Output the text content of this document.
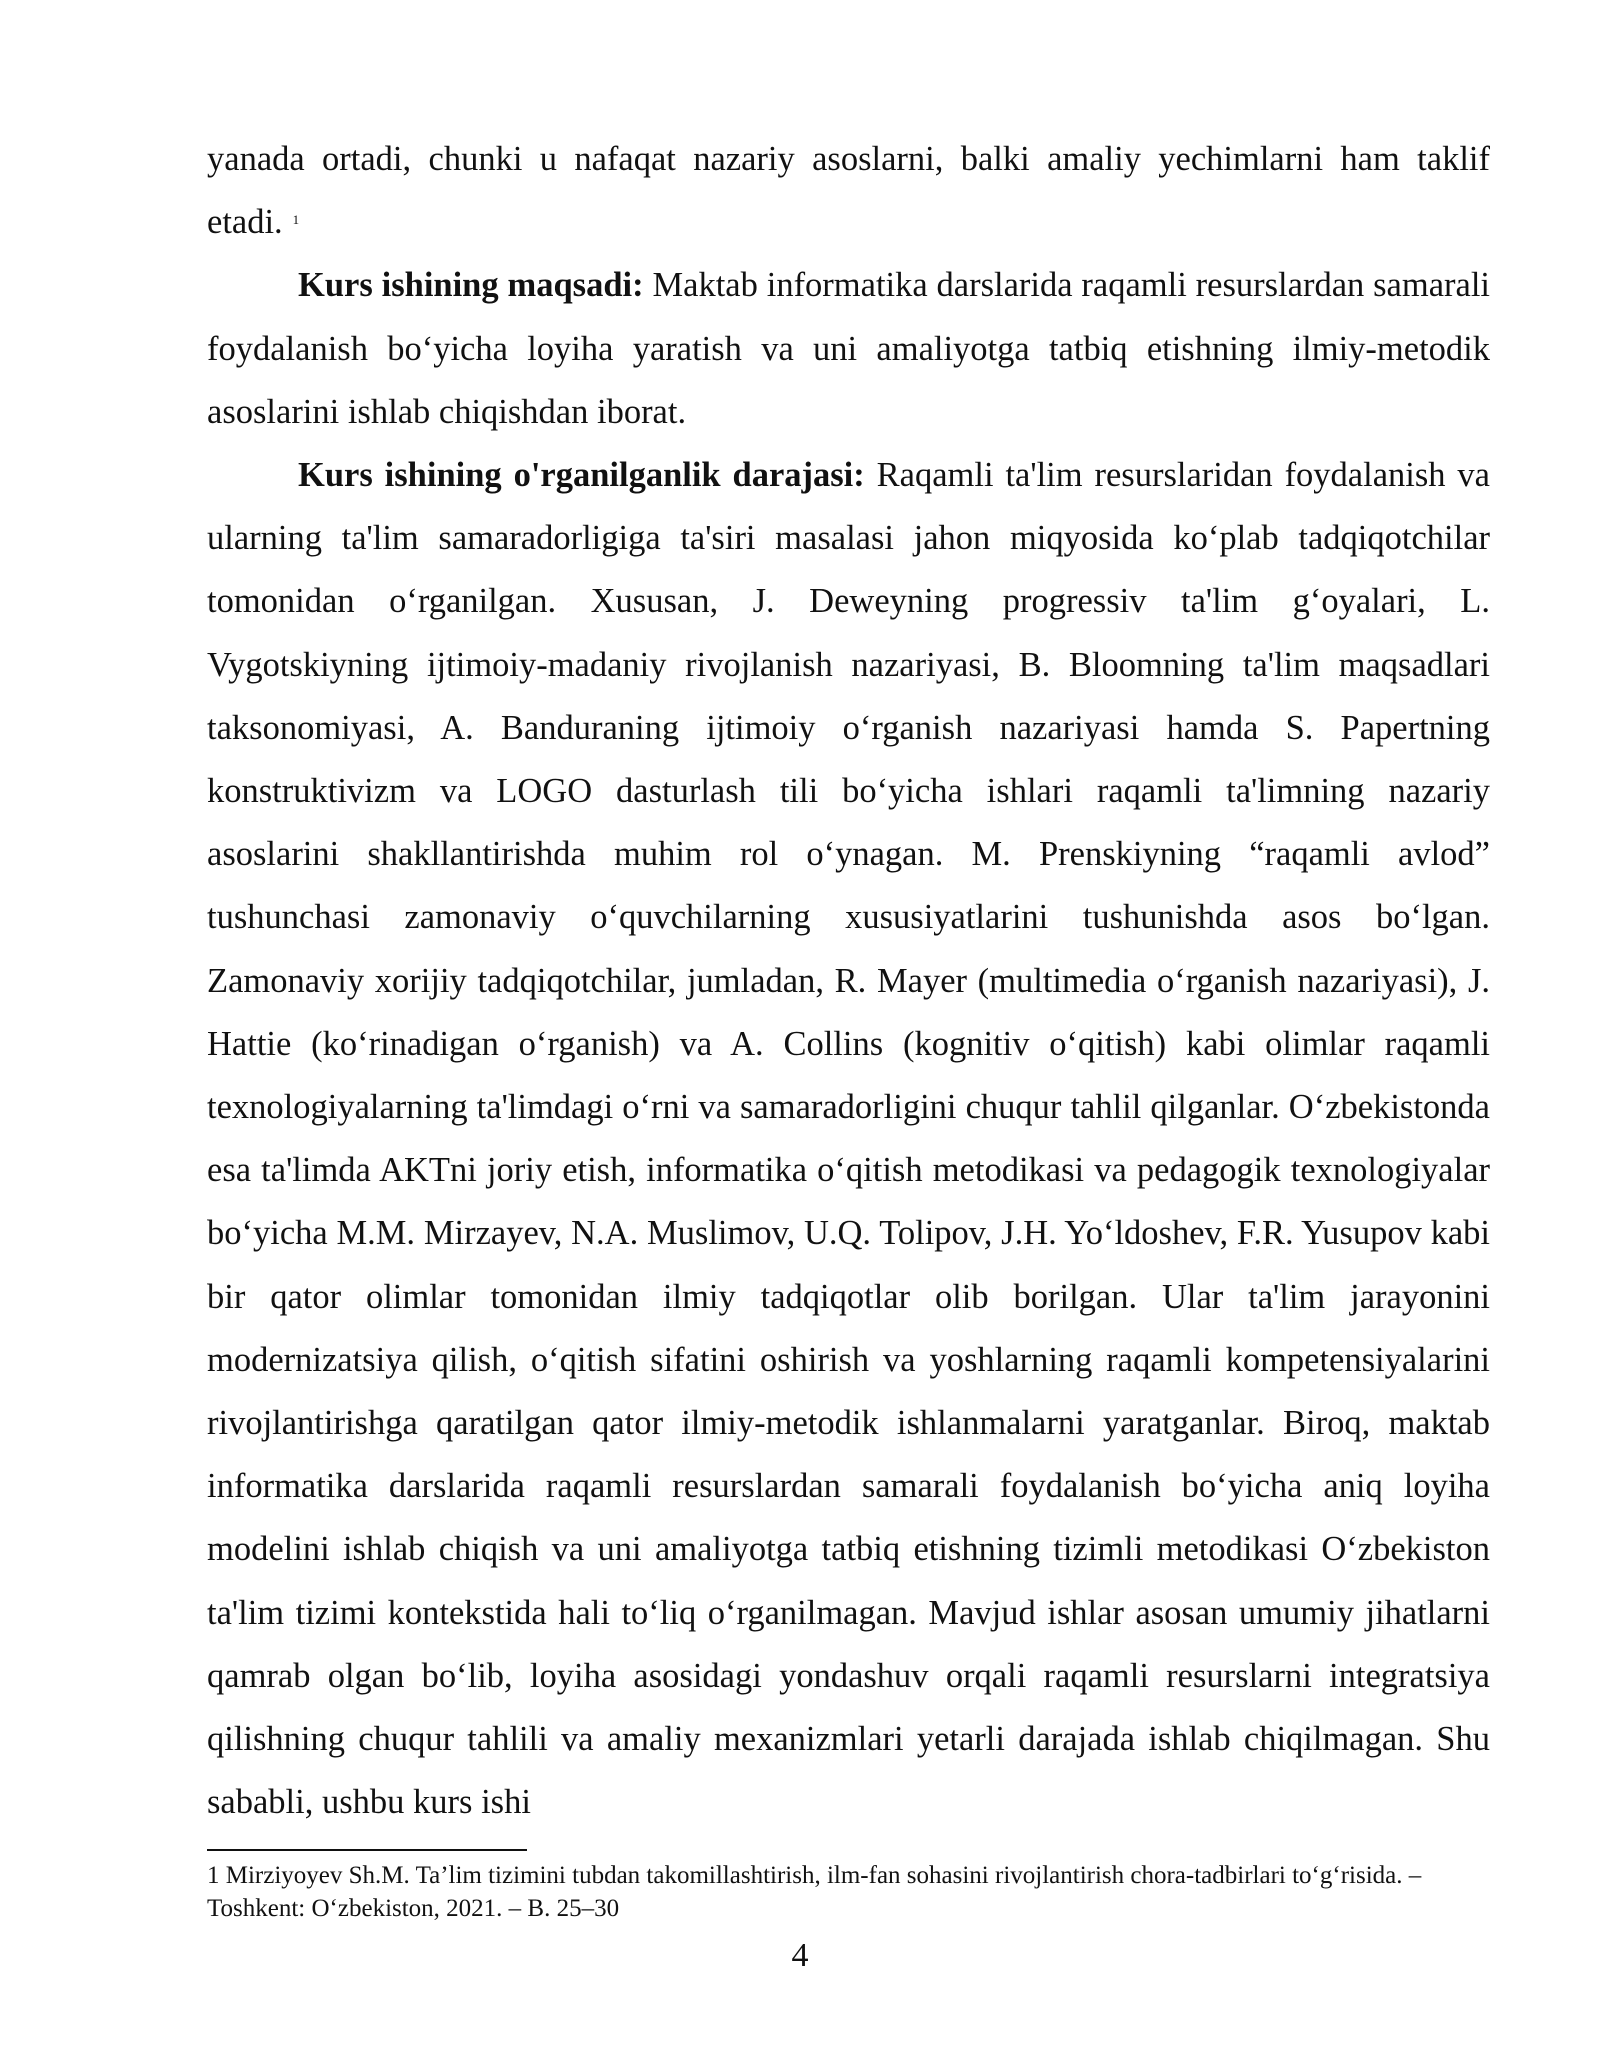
yanada ortadi, chunki u nafaqat nazariy asoslarni, balki amaliy yechimlarni ham taklif etadi. $^1$

Kurs ishining maqsadi: Maktab informatika darslarida raqamli resurslardan samarali foydalanish bo‘yicha loyiha yaratish va uni amaliyotga tatbiq etishning ilmiy-metodik asoslarini ishlab chiqishdan iborat.

Kurs ishining o'rganilganlik darajasi: Raqamli ta'lim resurslaridan foydalanish va ularning ta'lim samaradorligiga ta'siri masalasi jahon miqyosida ko‘plab tadqiqotchilar tomonidan o‘rganilgan. Xususan, J. Deweyning progressiv ta'lim g‘oyalari, L. Vygotskiyning ijtimoiy-madaniy rivojlanish nazariyasi, B. Bloomning ta'lim maqsadlari taksonomiyasi, A. Banduraning ijtimoiy o‘rganish nazariyasi hamda S. Papertning konstruktivizm va LOGO dasturlash tili bo‘yicha ishlari raqamli ta'limning nazariy asoslarini shakllantirishda muhim rol o‘ynagan. M. Prenskiyning “raqamli avlod” tushunchasi zamonaviy o‘quvchilarning xususiyatlarini tushunishda asos bo‘lgan. Zamonaviy xorijiy tadqiqotchilar, jumladan, R. Mayer (multimedia o‘rganish nazariyasi), J. Hattie (ko‘rinadigan o‘rganish) va A. Collins (kognitiv o‘qitish) kabi olimlar raqamli texnologiyalarning ta'limdagi o‘rni va samaradorligini chuqur tahlil qilganlar. O‘zbekistonda esa ta'limda AKTni joriy etish, informatika o‘qitish metodikasi va pedagogik texnologiyalar bo‘yicha M.M. Mirzayev, N.A. Muslimov, U.Q. Tolipov, J.H. Yo‘ldoshev, F.R. Yusupov kabi bir qator olimlar tomonidan ilmiy tadqiqotlar olib borilgan. Ular ta'lim jarayonini modernizatsiya qilish, o‘qitish sifatini oshirish va yoshlarning raqamli kompetensiyalarini rivojlantirishga qaratilgan qator ilmiy-metodik ishlanmalarni yaratganlar. Biroq, maktab informatika darslarida raqamli resurslardan samarali foydalanish bo‘yicha aniq loyiha modelini ishlab chiqish va uni amaliyotga tatbiq etishning tizimli metodikasi O‘zbekiston ta'lim tizimi kontekstida hali to‘liq o‘rganilmagan. Mavjud ishlar asosan umumiy jihatlarni qamrab olgan bo‘lib, loyiha asosidagi yondashuv orqali raqamli resurslarni integratsiya qilishning chuqur tahlili va amaliy mexanizmlari yetarli darajada ishlab chiqilmagan. Shu sababli, ushbu kurs ishi

1 Mirziyoyev Sh.M. Ta’lim tizimini tubdan takomillashtirish, ilm-fan sohasini rivojlantirish chora-tadbirlari to‘g‘risida. – Toshkent: O‘zbekiston, 2021. – B. 25–30

4
